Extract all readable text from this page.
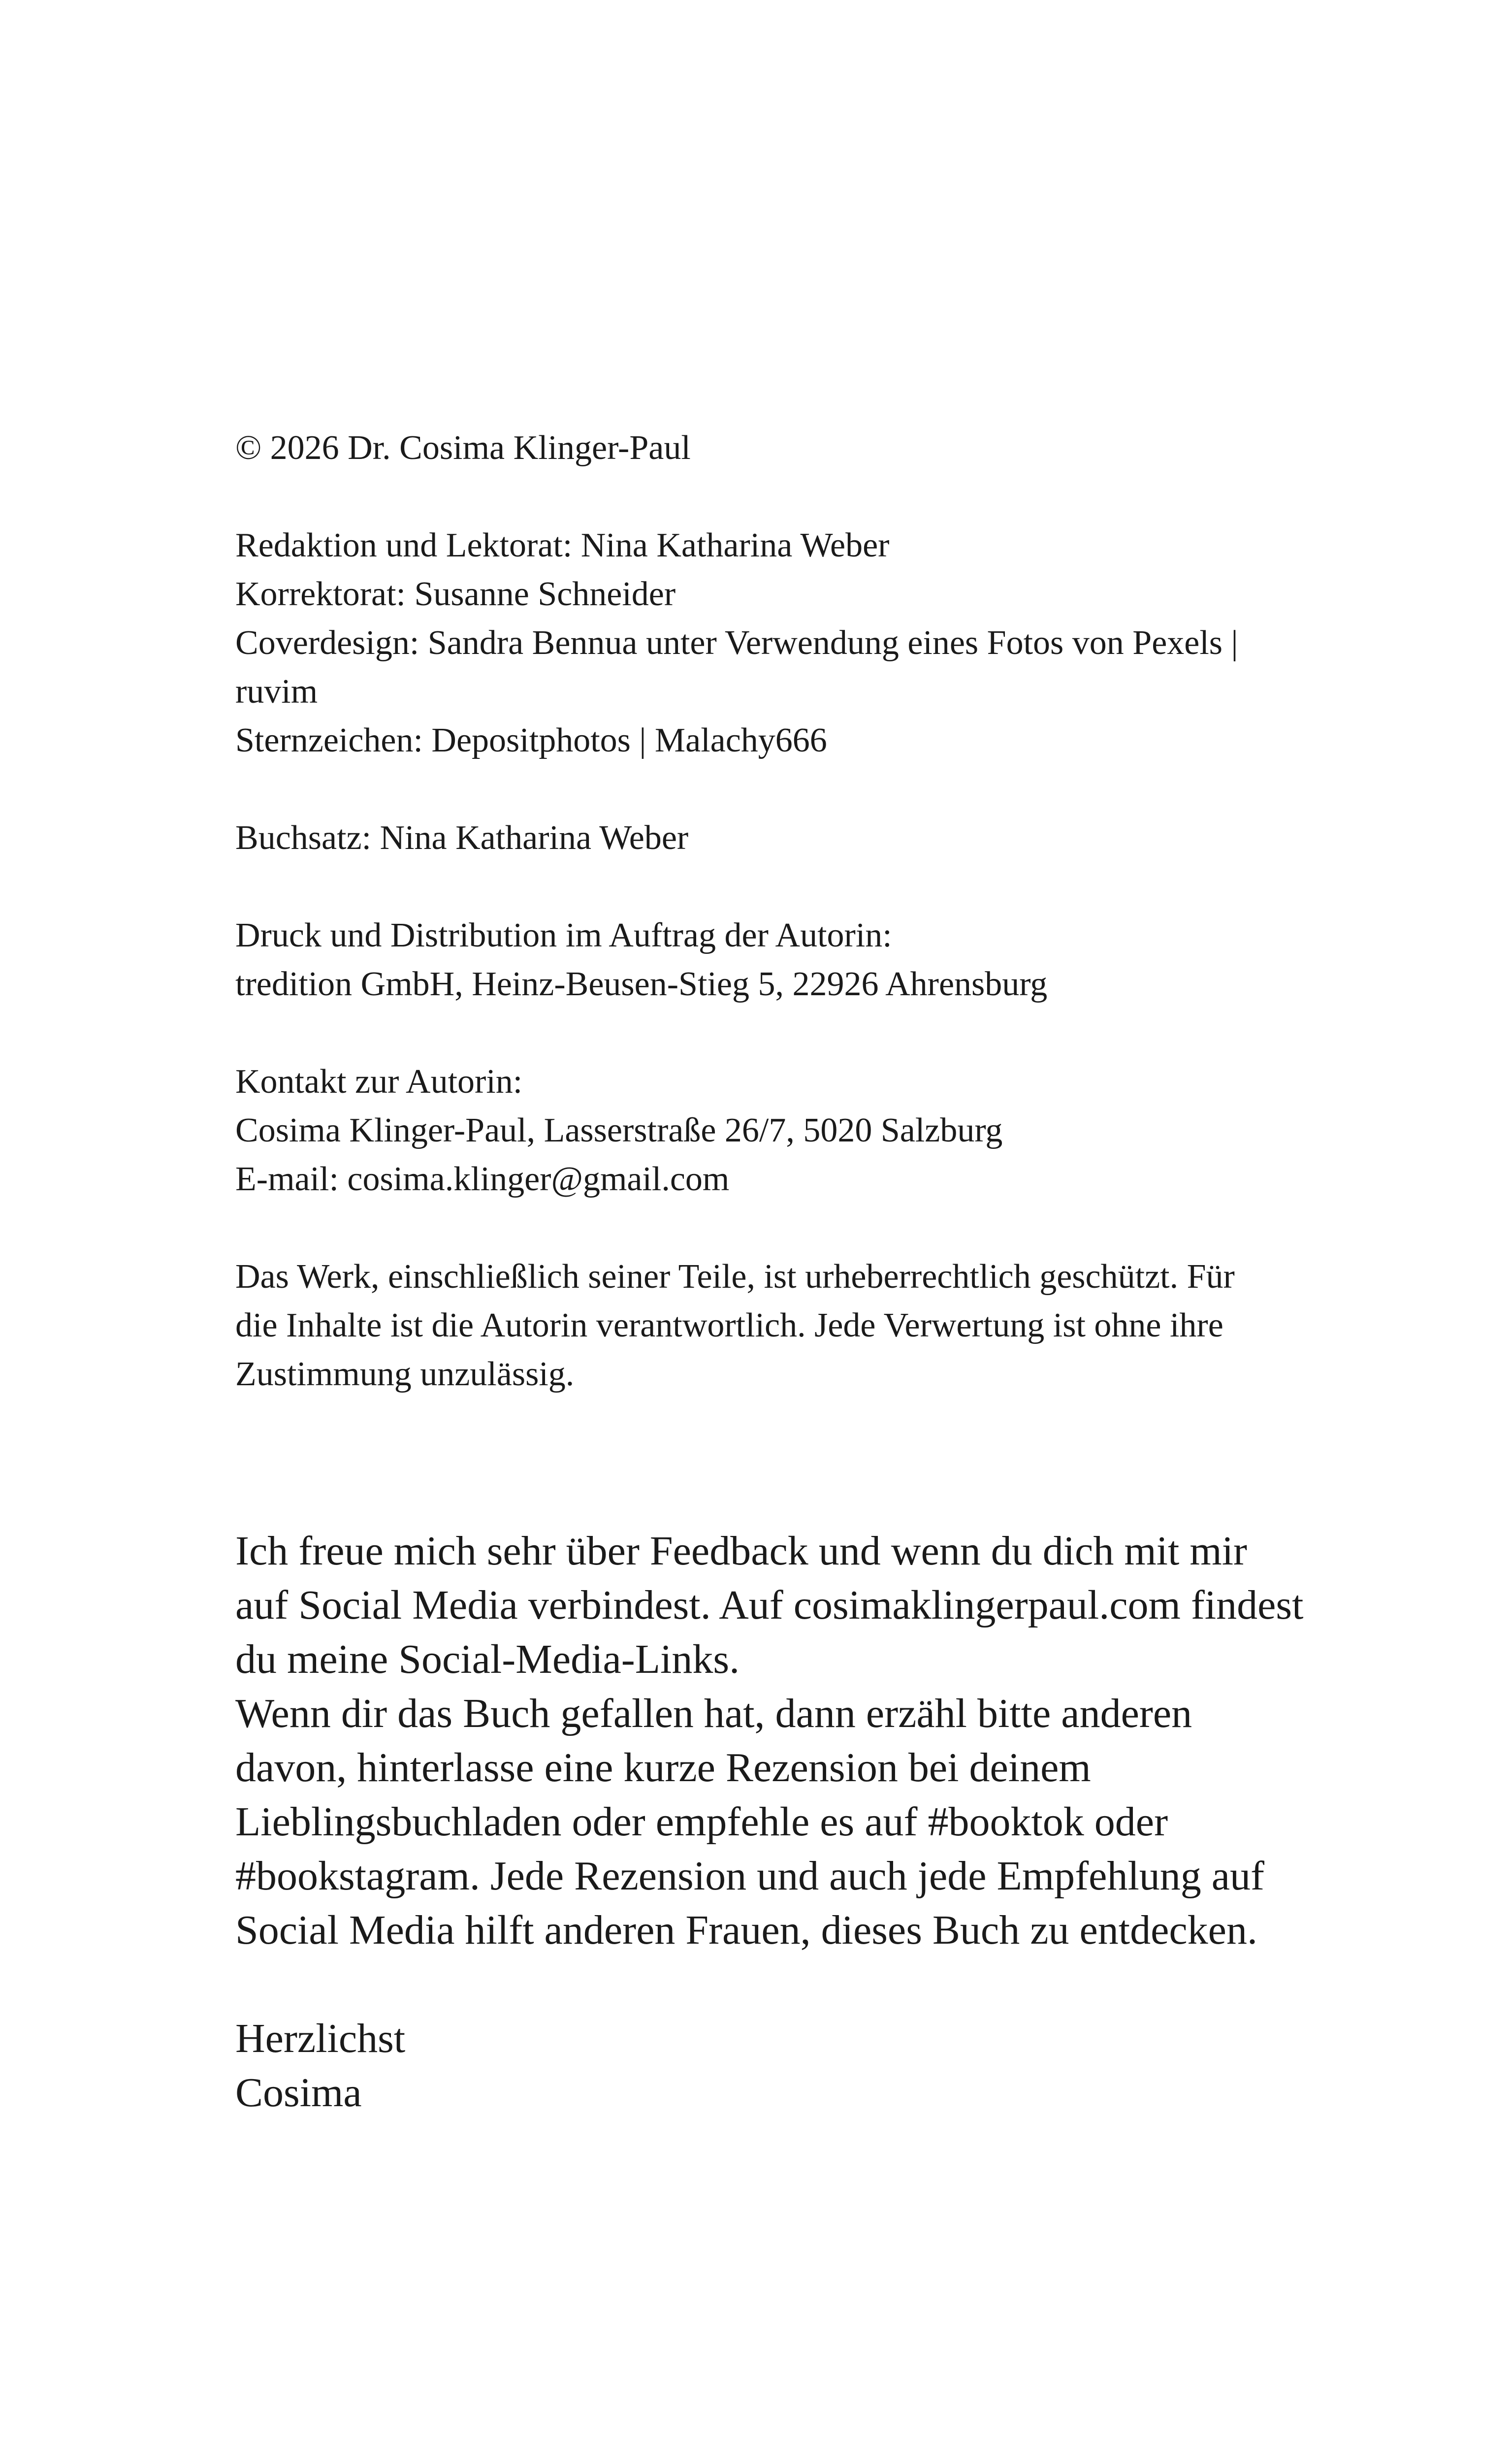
© 2026 Dr. Cosima Klinger-Paul
Redaktion und Lektorat: Nina Katharina Weber
Korrektorat: Susanne Schneider
Coverdesign: Sandra Bennua unter Verwendung eines Fotos von Pexels | ruvim
Sternzeichen: Depositphotos | Malachy666
Buchsatz: Nina Katharina Weber
Druck und Distribution im Auftrag der Autorin:
tredition GmbH, Heinz-Beusen-Stieg 5, 22926 Ahrensburg
Kontakt zur Autorin:
Cosima Klinger-Paul, Lasserstraße 26/7, 5020 Salzburg
E-mail: cosima.klinger@gmail.com
Das Werk, einschließlich seiner Teile, ist urheberrechtlich geschützt. Für die Inhalte ist die Autorin verantwortlich. Jede Verwertung ist ohne ihre Zustimmung unzulässig.

Ich freue mich sehr über Feedback und wenn du dich mit mir auf Social Media verbindest. Auf cosimaklingerpaul.com findest du meine Social-Media-Links.

Wenn dir das Buch gefallen hat, dann erzähl bitte anderen davon, hinterlasse eine kurze Rezension bei deinem Lieblingsbuchladen oder empfehle es auf #booktok oder #bookstagram. Jede Rezension und auch jede Empfehlung auf Social Media hilft anderen Frauen, dieses Buch zu entdecken.

Herzlichst
Cosima
